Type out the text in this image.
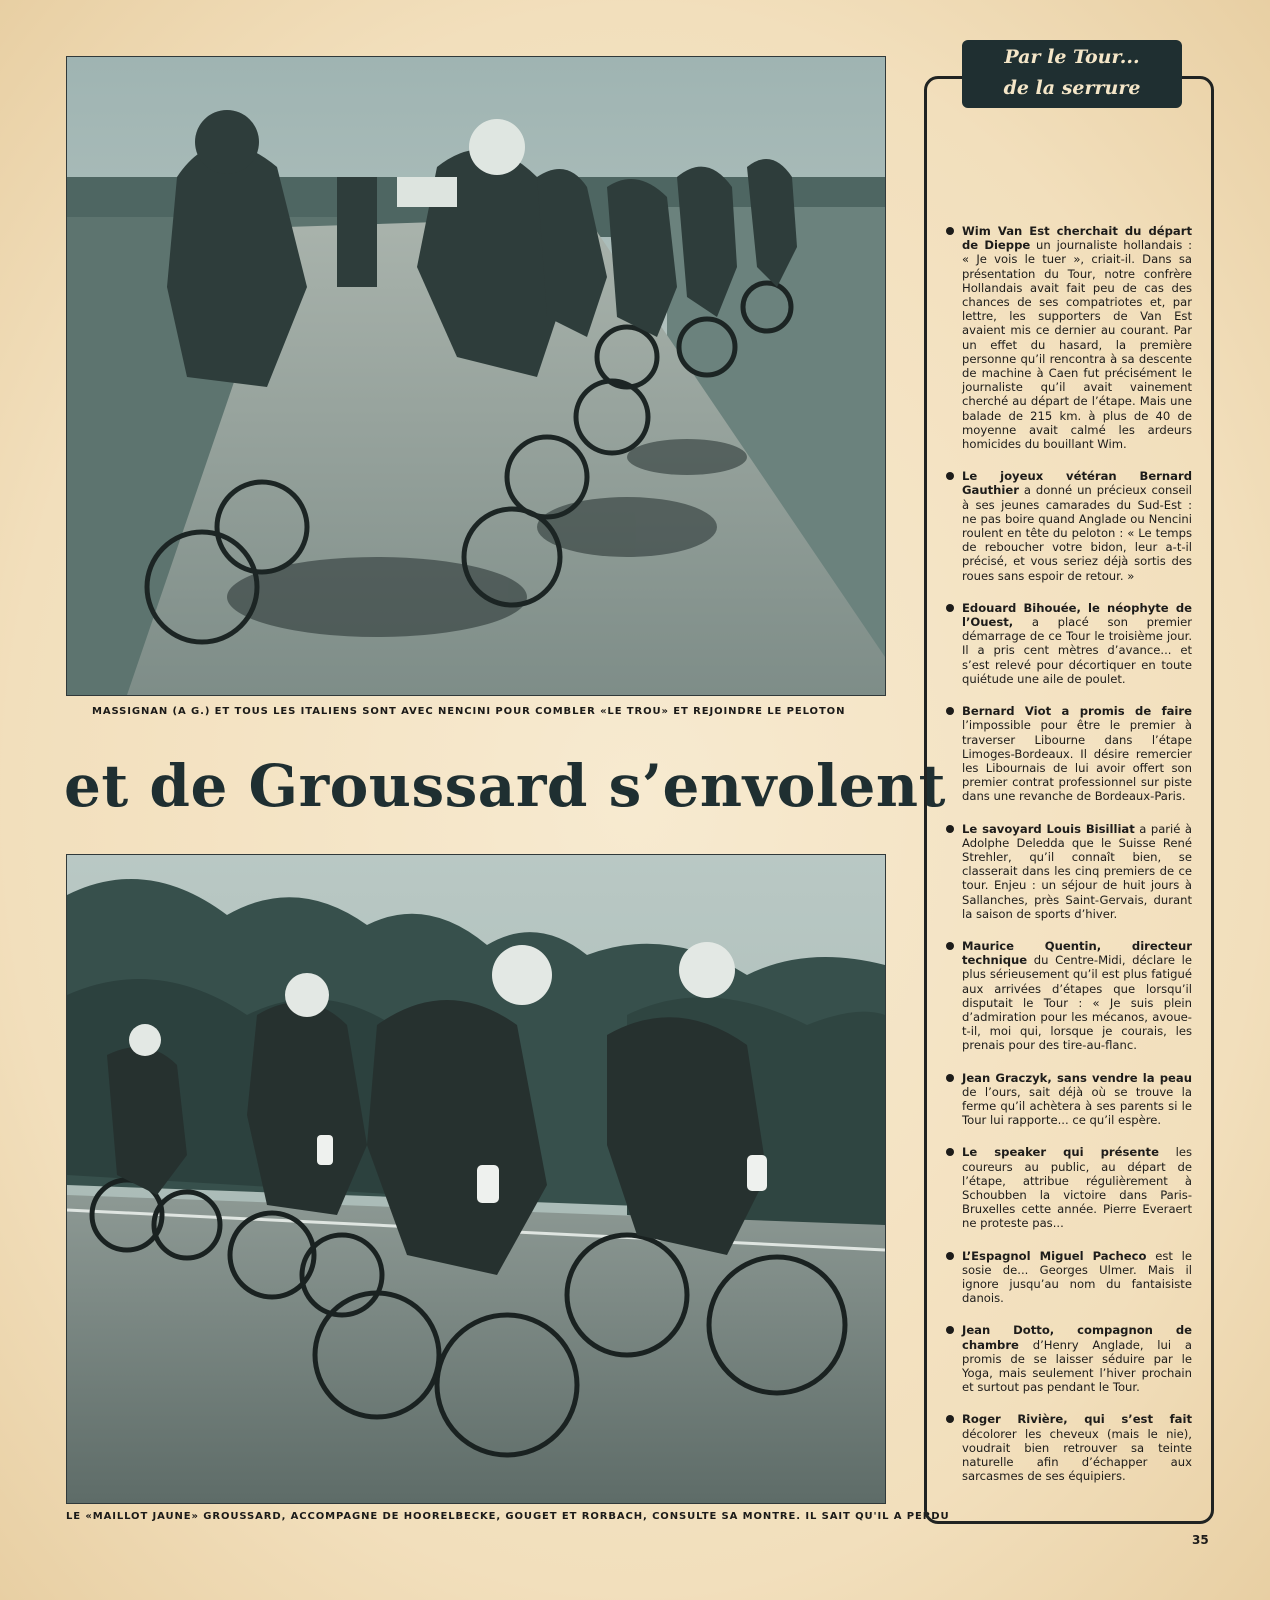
MASSIGNAN (A G.) ET TOUS LES ITALIENS SONT AVEC NENCINI POUR COMBLER «LE TROU» ET REJOINDRE LE PELOTON
et de Groussard s’envolent
LE «MAILLOT JAUNE» GROUSSARD, ACCOMPAGNE DE HOORELBECKE, GOUGET ET RORBACH, CONSULTE SA MONTRE. IL SAIT QU'IL A PERDU
Par le Tour...
de la serrure
Wim Van Est cherchait du départ de Dieppe un journaliste hollandais : « Je vois le tuer », criait-il. Dans sa présentation du Tour, notre confrère Hollandais avait fait peu de cas des chances de ses compatriotes et, par lettre, les supporters de Van Est avaient mis ce dernier au courant. Par un effet du hasard, la première personne qu’il rencontra à sa descente de machine à Caen fut précisément le journaliste qu’il avait vainement cherché au départ de l’étape. Mais une balade de 215 km. à plus de 40 de moyenne avait calmé les ardeurs homicides du bouillant Wim.
Le joyeux vétéran Bernard Gauthier a donné un précieux conseil à ses jeunes camarades du Sud-Est : ne pas boire quand Anglade ou Nencini roulent en tête du peloton : « Le temps de reboucher votre bidon, leur a-t-il précisé, et vous seriez déjà sortis des roues sans espoir de retour. »
Edouard Bihouée, le néophyte de l’Ouest, a placé son premier démarrage de ce Tour le troisième jour. Il a pris cent mètres d’avance... et s’est relevé pour décortiquer en toute quiétude une aile de poulet.
Bernard Viot a promis de faire l’impossible pour être le premier à traverser Libourne dans l’étape Limoges-Bordeaux. Il désire remercier les Libournais de lui avoir offert son premier contrat professionnel sur piste dans une revanche de Bordeaux-Paris.
Le savoyard Louis Bisilliat a parié à Adolphe Deledda que le Suisse René Strehler, qu’il connaît bien, se classerait dans les cinq premiers de ce tour. Enjeu : un séjour de huit jours à Sallanches, près Saint-Gervais, durant la saison de sports d’hiver.
Maurice Quentin, directeur technique du Centre-Midi, déclare le plus sérieusement qu’il est plus fatigué aux arrivées d’étapes que lorsqu’il disputait le Tour : « Je suis plein d’admiration pour les mécanos, avoue-t-il, moi qui, lorsque je courais, les prenais pour des tire-au-flanc.
Jean Graczyk, sans vendre la peau de l’ours, sait déjà où se trouve la ferme qu’il achètera à ses parents si le Tour lui rapporte... ce qu’il espère.
Le speaker qui présente les coureurs au public, au départ de l’étape, attribue régulièrement à Schoubben la victoire dans Paris-Bruxelles cette année. Pierre Everaert ne proteste pas...
L’Espagnol Miguel Pacheco est le sosie de... Georges Ulmer. Mais il ignore jusqu’au nom du fantaisiste danois.
Jean Dotto, compagnon de chambre d’Henry Anglade, lui a promis de se laisser séduire par le Yoga, mais seulement l’hiver prochain et surtout pas pendant le Tour.
Roger Rivière, qui s’est fait décolorer les cheveux (mais le nie), voudrait bien retrouver sa teinte naturelle afin d’échapper aux sarcasmes de ses équipiers.
35
